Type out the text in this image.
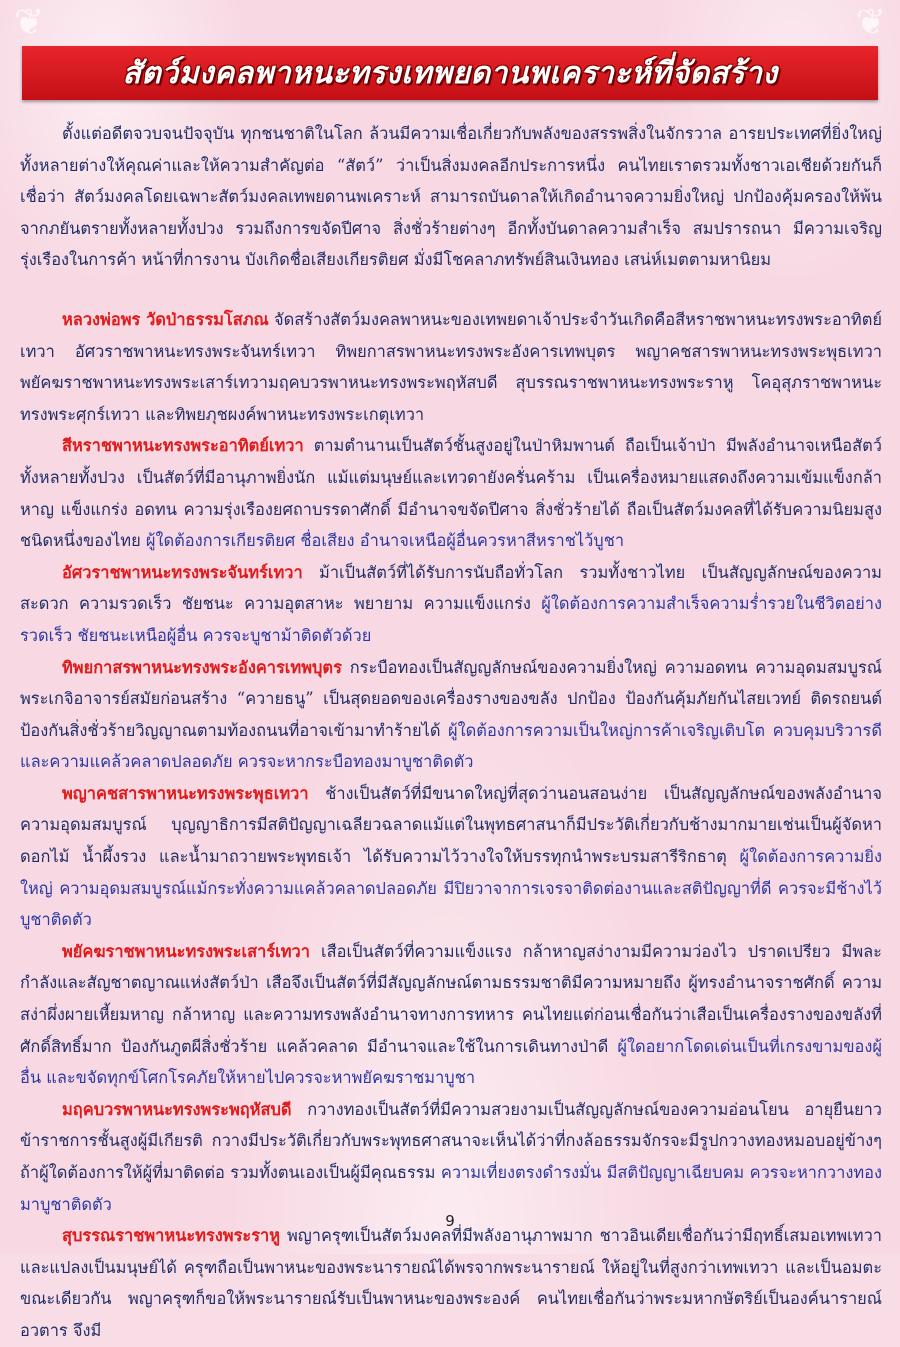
❦	❦
สัตว์มงคลพาหนะทรงเทพยดานพเคราะห์ที่จัดสร้าง

ตั้งแต่อดีตจวบจนปัจจุบัน ทุกชนชาติในโลก ล้วนมีความเชื่อเกี่ยวกับพลังของสรรพสิ่งในจักรวาล อารยประเทศที่ยิ่งใหญ่ทั้งหลายต่างให้คุณค่าและให้ความสำคัญต่อ “สัตว์” ว่าเป็นสิ่งมงคลอีกประการหนึ่ง คนไทยเราตรวมทั้งชาวเอเชียด้วยกันก็เชื่อว่า สัตว์มงคลโดยเฉพาะสัตว์มงคลเทพยดานพเคราะห์ สามารถบันดาลให้เกิดอำนาจความยิ่งใหญ่ ปกป้องคุ้มครองให้พ้นจากภยันตรายทั้งหลายทั้งปวง รวมถึงการขจัดปีศาจ สิ่งชั่วร้ายต่างๆ อีกทั้งบันดาลความสำเร็จ สมปรารถนา มีความเจริญรุ่งเรืองในการค้า หน้าที่การงาน บังเกิดชื่อเสียงเกียรติยศ มั่งมีโชคลาภทรัพย์สินเงินทอง เสน่ห์เมตตามหานิยม

หลวงพ่อพร วัดป่าธรรมโสภณ จัดสร้างสัตว์มงคลพาหนะของเทพยดาเจ้าประจำวันเกิดคือสีหราชพาหนะทรงพระอาทิตย์เทวา อัศวราชพาหนะทรงพระจันทร์เทวา ทิพยกาสรพาหนะทรงพระอังคารเทพบุตร พญาคชสารพาหนะทรงพระพุธเทวา พยัคฆราชพาหนะทรงพระเสาร์เทวามฤคบวรพาหนะทรงพระพฤหัสบดี สุบรรณราชพาหนะทรงพระราหู โคอุสุภราชพาหนะทรงพระศุกร์เทวา และทิพยภุชผงค์พาหนะทรงพระเกตุเทวา

สีหราชพาหนะทรงพระอาทิตย์เทวา ตามตำนานเป็นสัตว์ชั้นสูงอยู่ในป่าหิมพานต์ ถือเป็นเจ้าป่า มีพลังอำนาจเหนือสัตว์ทั้งหลายทั้งปวง เป็นสัตว์ที่มีอานุภาพยิ่งนัก แม้แต่มนุษย์และเทวดายังครั่นคร้าม เป็นเครื่องหมายแสดงถึงความเข้มแข็งกล้าหาญ แข็งแกร่ง อดทน ความรุ่งเรืองยศถาบรรดาศักดิ์ มีอำนาจขจัดปีศาจ สิ่งชั่วร้ายได้ ถือเป็นสัตว์มงคลที่ได้รับความนิยมสูงชนิดหนึ่งของไทย ผู้ใดต้องการเกียรติยศ ชื่อเสียง อำนาจเหนือผู้อื่นควรหาสีหราชไว้บูชา

อัศวราชพาหนะทรงพระจันทร์เทวา ม้าเป็นสัตว์ที่ได้รับการนับถือทั่วโลก รวมทั้งชาวไทย เป็นสัญญลักษณ์ของความสะดวก ความรวดเร็ว ชัยชนะ ความอุตสาหะ พยายาม ความแข็งแกร่ง ผู้ใดต้องการความสำเร็จความร่ำรวยในชีวิตอย่างรวดเร็ว ชัยชนะเหนือผู้อื่น ควรจะบูชาม้าติดตัวด้วย

ทิพยกาสรพาหนะทรงพระอังคารเทพบุตร กระบือทองเป็นสัญญลักษณ์ของความยิ่งใหญ่ ความอดทน ความอุดมสมบูรณ์ พระเกจิอาจารย์สมัยก่อนสร้าง “ควายธนู” เป็นสุดยอดของเครื่องรางของขลัง ปกป้อง ป้องกันคุ้มภัยกันไสยเวทย์ ติดรถยนต์ป้องกันสิ่งชั่วร้ายวิญญาณตามท้องถนนที่อาจเข้ามาทำร้ายได้ ผู้ใดต้องการความเป็นใหญ่การค้าเจริญเติบโต ควบคุมบริวารดีและความแคล้วคลาดปลอดภัย ควรจะหากระบือทองมาบูชาติดตัว

พญาคชสารพาหนะทรงพระพุธเทวา ช้างเป็นสัตว์ที่มีขนาดใหญ่ที่สุดว่านอนสอนง่าย เป็นสัญญลักษณ์ของพลังอำนาจ ความอุดมสมบูรณ์ บุญญาธิการมีสติปัญญาเฉลียวฉลาดแม้แต่ในพุทธศาสนาก็มีประวัติเกี่ยวกับช้างมากมายเช่นเป็นผู้จัดหาดอกไม้ น้ำผึ้งรวง และน้ำมาถวายพระพุทธเจ้า ได้รับความไว้วางใจให้บรรทุกนำพระบรมสารีริกธาตุ ผู้ใดต้องการความยิ่งใหญ่ ความอุดมสมบูรณ์แม้กระทั่งความแคล้วคลาดปลอดภัย มีปิยวาจาการเจรจาติดต่องานและสติปัญญาที่ดี ควรจะมีช้างไว้บูชาติดตัว

พยัคฆราชพาหนะทรงพระเสาร์เทวา เสือเป็นสัตว์ที่ความแข็งแรง กล้าหาญสง่างามมีความว่องไว ปราดเปรียว มีพละกำลังและสัญชาตญาณแห่งสัตว์ป่า เสือจึงเป็นสัตว์ที่มีสัญญลักษณ์ตามธรรมชาติมีความหมายถึง ผู้ทรงอำนาจราชศักดิ์ ความสง่าผึ่งผายเหี้ยมหาญ กล้าหาญ และความทรงพลังอำนาจทางการทหาร คนไทยแต่ก่อนเชื่อกันว่าเสือเป็นเครื่องรางของขลังที่ศักดิ์สิทธิ์มาก ป้องกันภูตผีสิ่งชั่วร้าย แคล้วคลาด มีอำนาจและใช้ในการเดินทางป่าดี ผู้ใดอยากโดดเด่นเป็นที่เกรงขามของผู้อื่น และขจัดทุกข์โศกโรคภัยให้หายไปควรจะหาพยัคฆราชมาบูชา

มฤคบวรพาหนะทรงพระพฤหัสบดี กวางทองเป็นสัตว์ที่มีความสวยงามเป็นสัญญลักษณ์ของความอ่อนโยน อายุยืนยาว ข้าราชการชั้นสูงผู้มีเกียรติ กวางมีประวัติเกี่ยวกับพระพุทธศาสนาจะเห็นได้ว่าที่กงล้อธรรมจักรจะมีรูปกวางทองหมอบอยู่ข้างๆ ถ้าผู้ใดต้องการให้ผู้ที่มาติดต่อ รวมทั้งตนเองเป็นผู้มีคุณธรรม ความเที่ยงตรงดำรงมั่น มีสติปัญญาเฉียบคม ควรจะหากวางทองมาบูชาติดตัว

สุบรรณราชพาหนะทรงพระราหู พญาครุฑเป็นสัตว์มงคลที่มีพลังอานุภาพมาก ชาวอินเดียเชื่อกันว่ามีฤทธิ์เสมอเทพเทวาและแปลงเป็นมนุษย์ได้ ครุฑถือเป็นพาหนะของพระนารายณ์ได้พรจากพระนารายณ์ ให้อยู่ในที่สูงกว่าเทพเทวา และเป็นอมตะขณะเดียวกัน พญาครุฑก็ขอให้พระนารายณ์รับเป็นพาหนะของพระองค์ คนไทยเชื่อกันว่าพระมหากษัตริย์เป็นองค์นารายณ์อวตาร จึงมี

9
